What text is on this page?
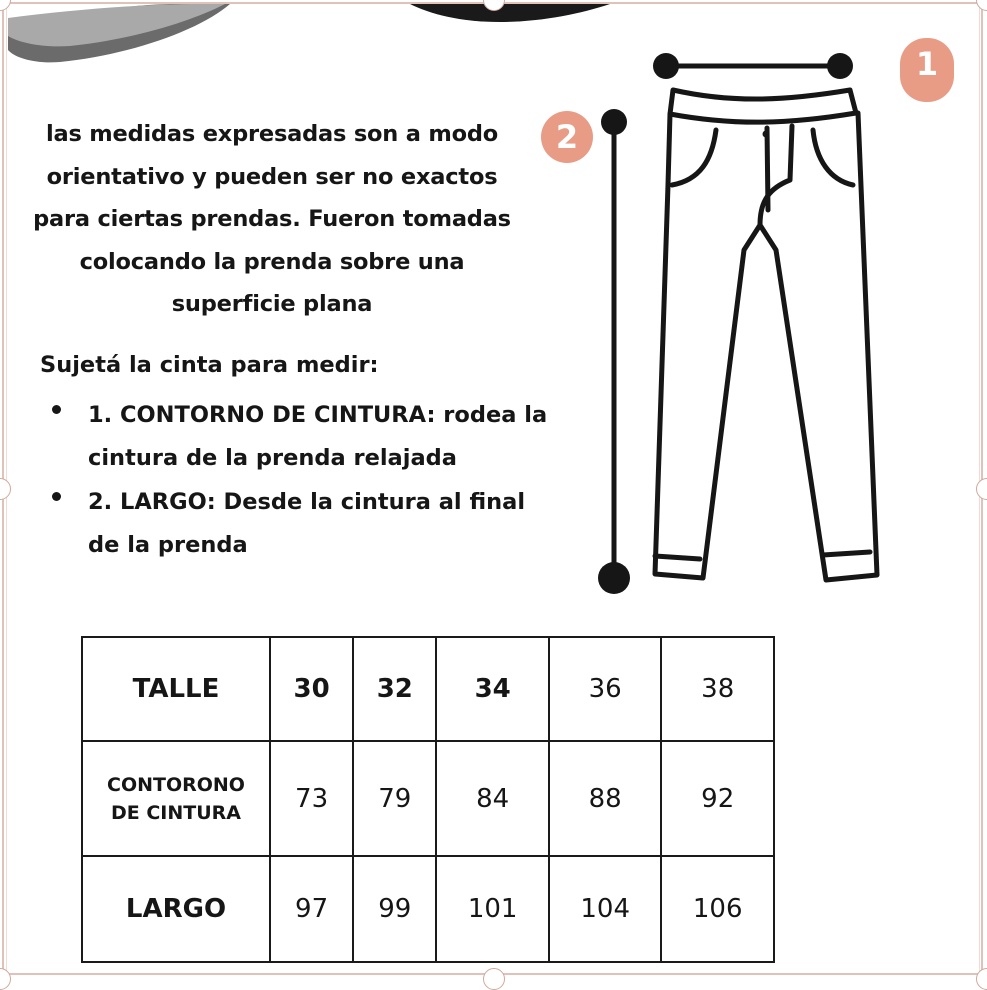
las medidas expresadas son a modo
orientativo y pueden ser no exactos
para ciertas prendas. Fueron tomadas
colocando la prenda sobre una
superficie plana
Sujetá la cinta para medir:
1. CONTORNO DE CINTURA: rodea la
cintura de la prenda relajada
2. LARGO: Desde la cintura al final
de la prenda
2
1
TALLE	30	32	34	36	38

CONTORONO
DE CINTURA	73	79	84	88	92
LARGO	97	99	101	104	106
